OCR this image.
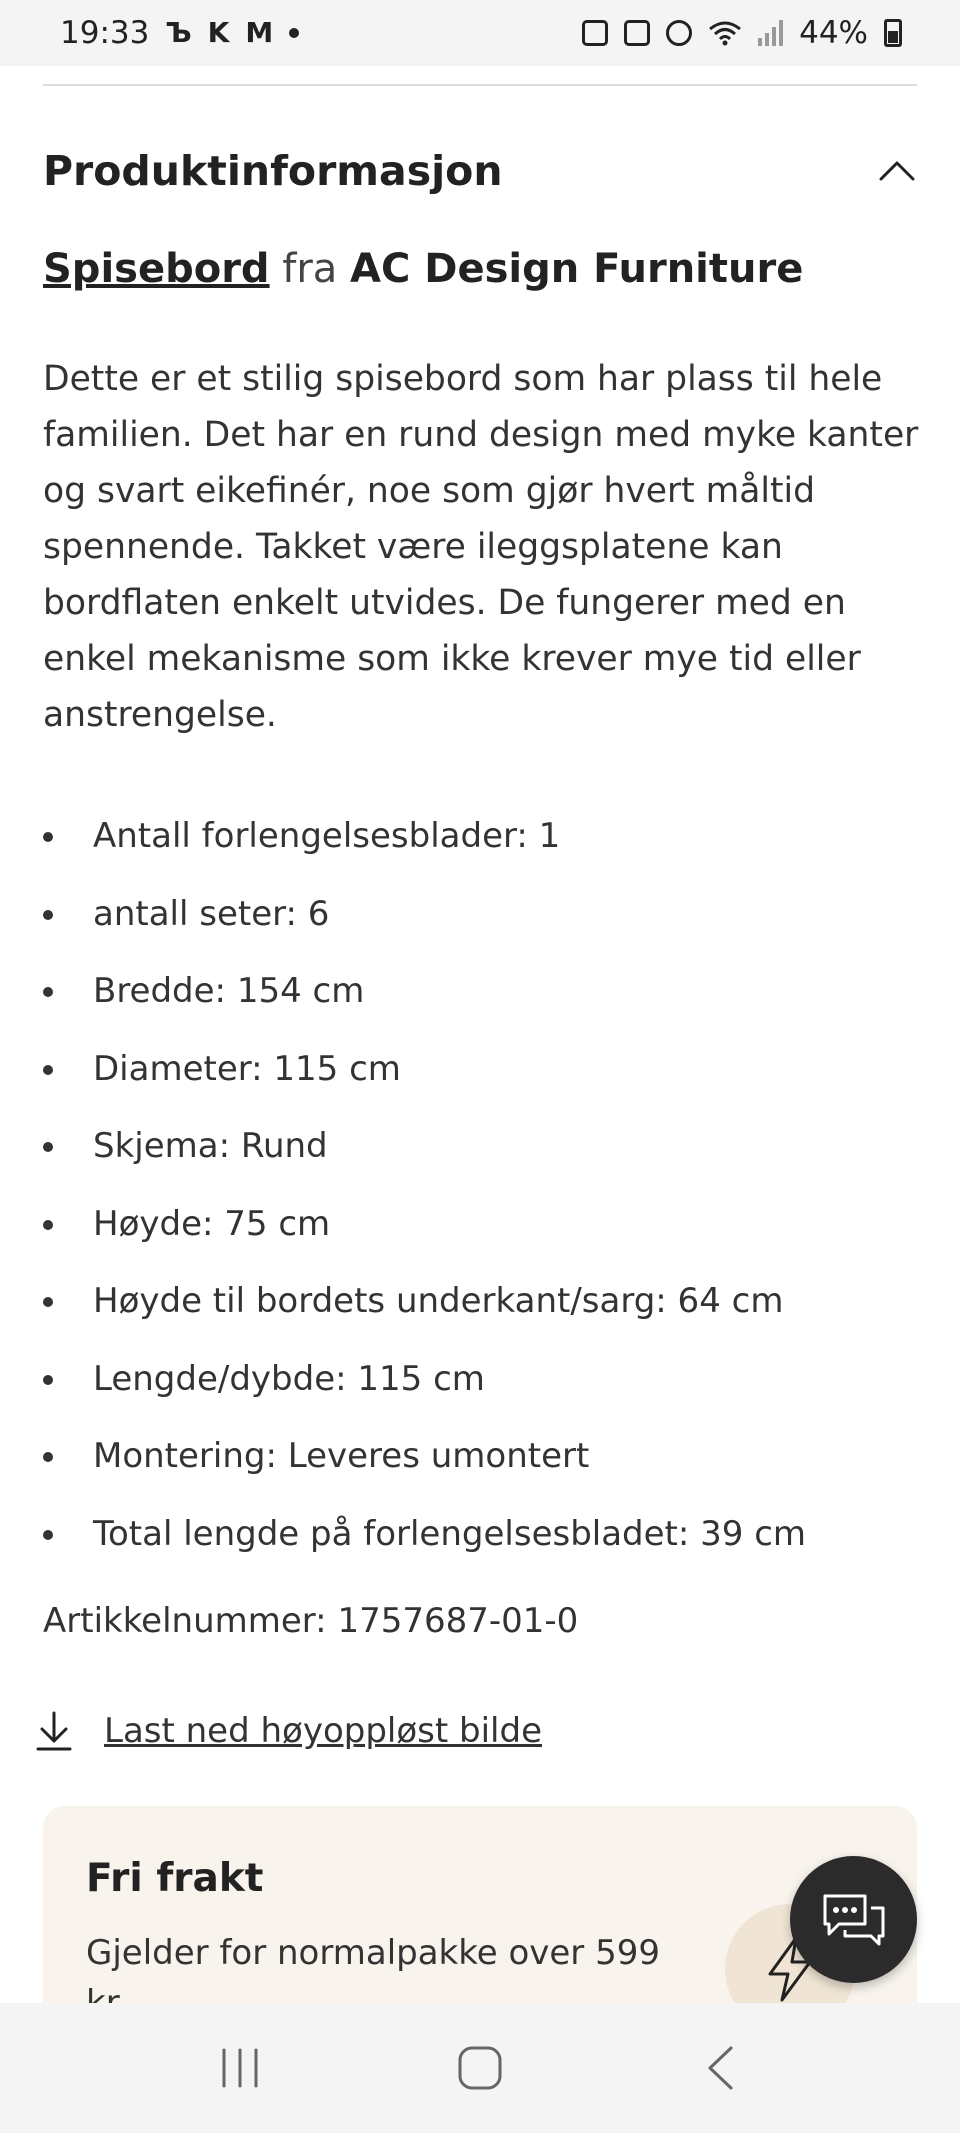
19:33 Ъ K M	44%
Produktinformasjon
Spisebord fra AC Design Furniture

Dette er et stilig spisebord som har plass til hele familien. Det har en rund design med myke kanter og svart eikefinér, noe som gjør hvert måltid spennende. Takket være ileggsplatene kan bordflaten enkelt utvides. De fungerer med en enkel mekanisme som ikke krever mye tid eller anstrengelse.

Antall forlengelsesblader: 1
antall seter: 6
Bredde: 154 cm
Diameter: 115 cm
Skjema: Rund
Høyde: 75 cm
Høyde til bordets underkant/sarg: 64 cm
Lengde/dybde: 115 cm
Montering: Leveres umontert
Total lengde på forlengelsesbladet: 39 cm
Artikkelnummer: 1757687-01-0
Last ned høyoppløst bilde
Fri frakt
Gjelder for normalpakke over 599
